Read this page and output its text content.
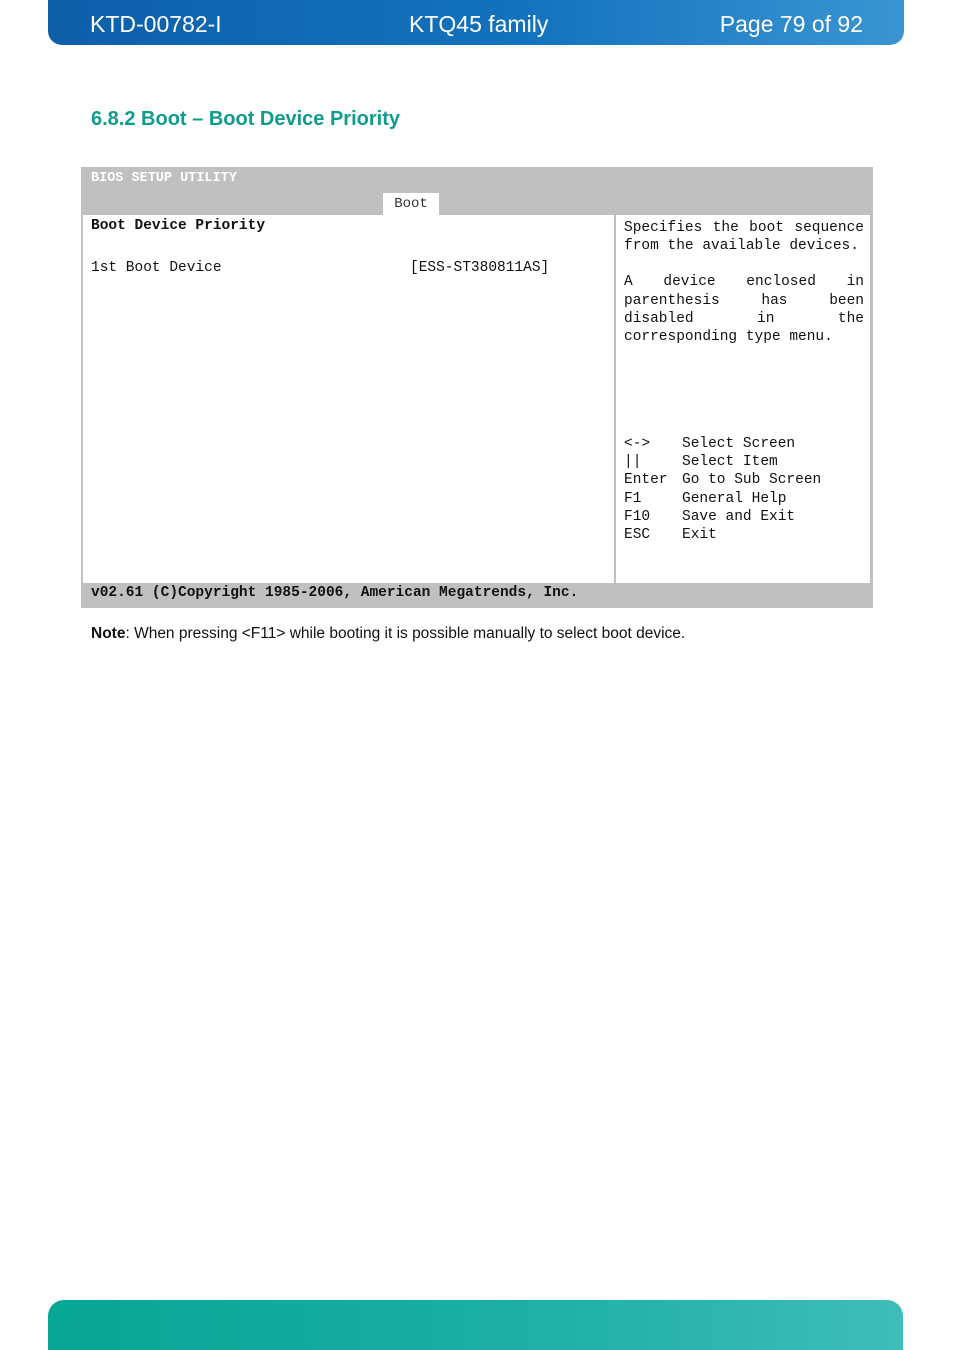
KTD-00782-I	KTQ45 family	Page 79 of 92
6.8.2 Boot – Boot Device Priority
BIOS SETUP UTILITY
Boot
Boot Device Priority
1st Boot Device	[ESS-ST380811AS]

Specifies the boot sequence from the available devices.

A device enclosed in parenthesis has been disabled in the corresponding type menu.

<-> Select Screen
||	Select Item
Enter Go to Sub Screen
F1	General Help
F10 Save and Exit
ESC Exit
v02.61 (C)Copyright 1985-2006, American Megatrends, Inc.
Note: When pressing <F11> while booting it is possible manually to select boot device.
